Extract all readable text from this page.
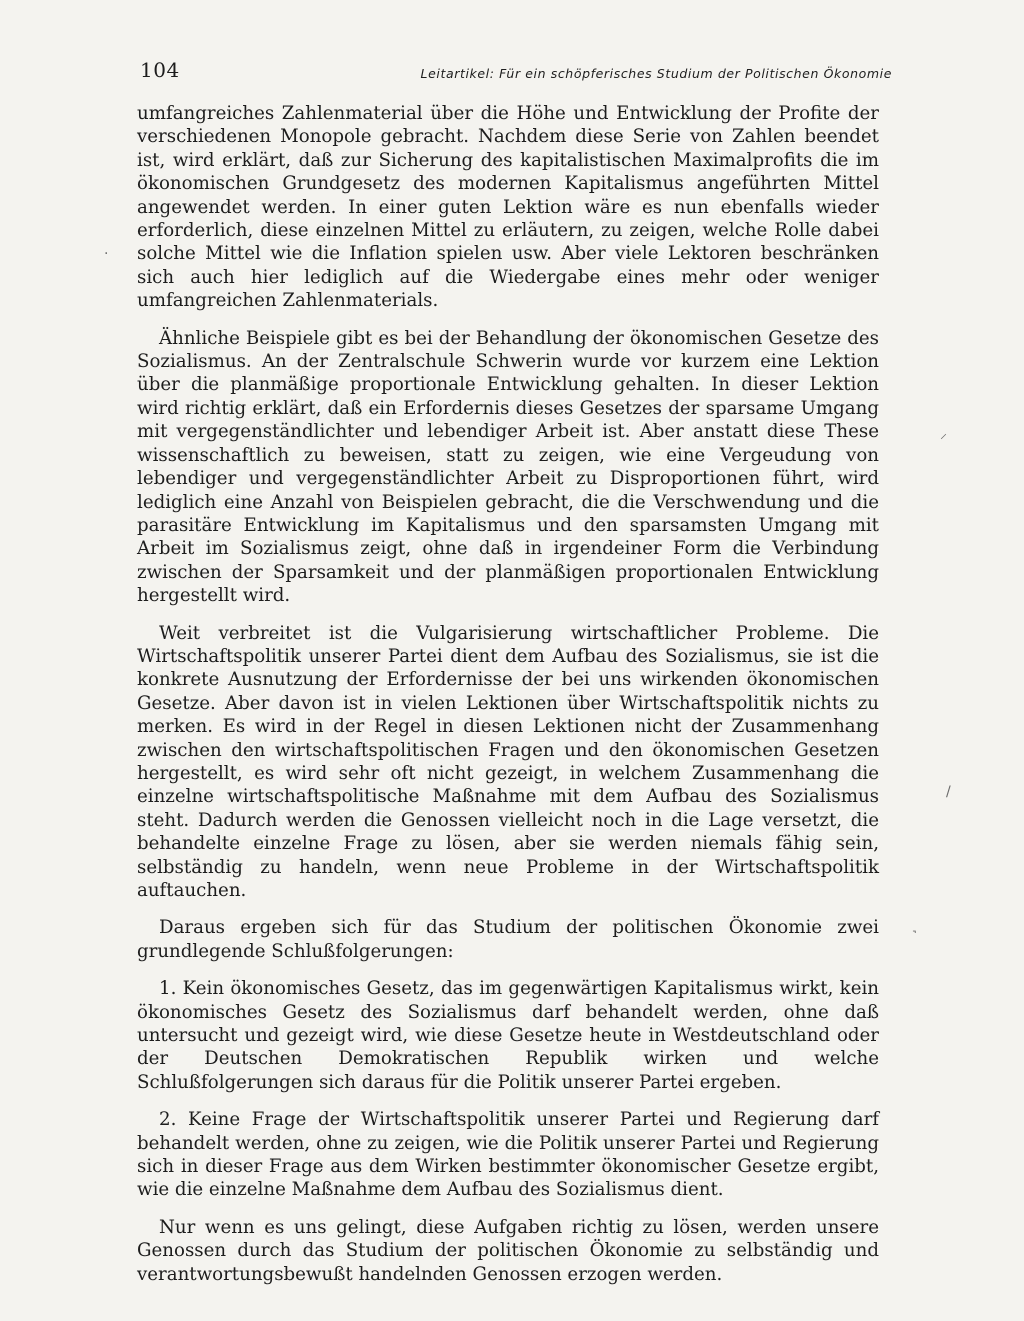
104	Leitartikel: Für ein schöpferisches Studium der Politischen Ökonomie

umfangreiches Zahlenmaterial über die Höhe und Entwicklung der Profite der verschiedenen Monopole gebracht. Nachdem diese Serie von Zahlen beendet ist, wird erklärt, daß zur Sicherung des kapitalistischen Maximalprofits die im ökonomischen Grundgesetz des modernen Kapitalismus angeführten Mittel angewendet werden. In einer guten Lektion wäre es nun ebenfalls wieder erforderlich, diese einzelnen Mittel zu erläutern, zu zeigen, welche Rolle dabei solche Mittel wie die Inflation spielen usw. Aber viele Lektoren beschränken sich auch hier lediglich auf die Wiedergabe eines mehr oder weniger umfangreichen Zahlenmaterials.

Ähnliche Beispiele gibt es bei der Behandlung der ökonomischen Gesetze des Sozialismus. An der Zentralschule Schwerin wurde vor kurzem eine Lektion über die planmäßige proportionale Entwicklung gehalten. In dieser Lektion wird richtig erklärt, daß ein Erfordernis dieses Gesetzes der sparsame Umgang mit vergegenständlichter und lebendiger Arbeit ist. Aber anstatt diese These wissenschaftlich zu beweisen, statt zu zeigen, wie eine Vergeudung von lebendiger und vergegenständlichter Arbeit zu Disproportionen führt, wird lediglich eine Anzahl von Beispielen gebracht, die die Verschwendung und die parasitäre Entwicklung im Kapitalismus und den sparsamsten Umgang mit Arbeit im Sozialismus zeigt, ohne daß in irgendeiner Form die Verbindung zwischen der Sparsamkeit und der planmäßigen proportionalen Entwicklung hergestellt wird.

Weit verbreitet ist die Vulgarisierung wirtschaftlicher Probleme. Die Wirtschaftspolitik unserer Partei dient dem Aufbau des Sozialismus, sie ist die konkrete Ausnutzung der Erfordernisse der bei uns wirkenden ökonomischen Gesetze. Aber davon ist in vielen Lektionen über Wirtschaftspolitik nichts zu merken. Es wird in der Regel in diesen Lektionen nicht der Zusammenhang zwischen den wirtschaftspolitischen Fragen und den ökonomischen Gesetzen hergestellt, es wird sehr oft nicht gezeigt, in welchem Zusammenhang die einzelne wirtschaftspolitische Maßnahme mit dem Aufbau des Sozialismus steht. Dadurch werden die Genossen vielleicht noch in die Lage versetzt, die behandelte einzelne Frage zu lösen, aber sie werden niemals fähig sein, selbständig zu handeln, wenn neue Probleme in der Wirtschaftspolitik auftauchen.

Daraus ergeben sich für das Studium der politischen Ökonomie zwei grundlegende Schlußfolgerungen:

1. Kein ökonomisches Gesetz, das im gegenwärtigen Kapitalismus wirkt, kein ökonomisches Gesetz des Sozialismus darf behandelt werden, ohne daß untersucht und gezeigt wird, wie diese Gesetze heute in Westdeutschland oder der Deutschen Demokratischen Republik wirken und welche Schlußfolgerungen sich daraus für die Politik unserer Partei ergeben.

2. Keine Frage der Wirtschaftspolitik unserer Partei und Regierung darf behandelt werden, ohne zu zeigen, wie die Politik unserer Partei und Regierung sich in dieser Frage aus dem Wirken bestimmter ökonomischer Gesetze ergibt, wie die einzelne Maßnahme dem Aufbau des Sozialismus dient.

Nur wenn es uns gelingt, diese Aufgaben richtig zu lösen, werden unsere Genossen durch das Studium der politischen Ökonomie zu selbständig und verantwortungsbewußt handelnden Genossen erzogen werden.

·
⸝
/
˺
